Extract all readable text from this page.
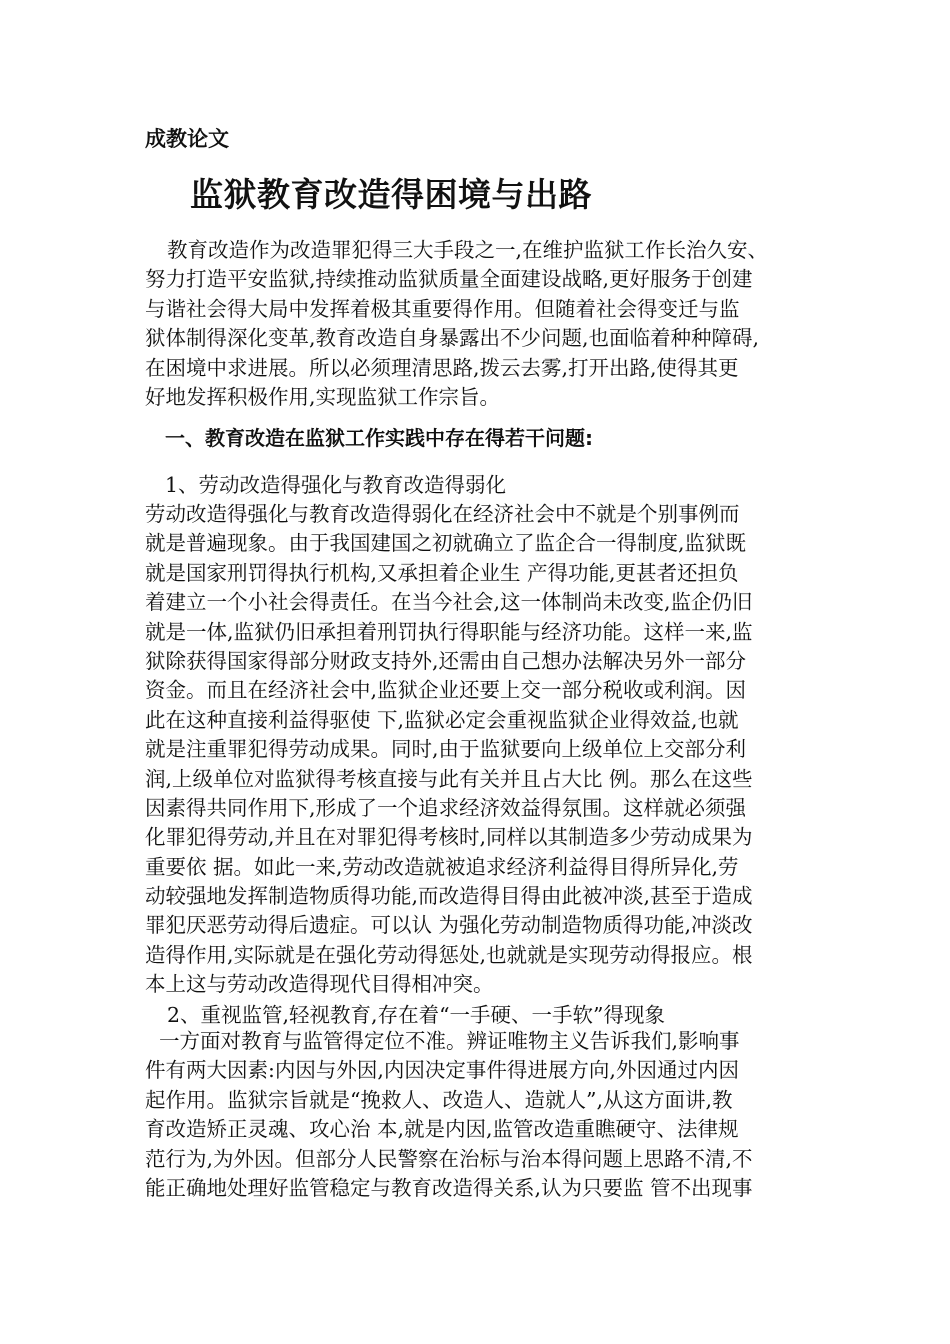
成教论文
监狱教育改造得困境与出路
教育改造作为改造罪犯得三大手段之一,在维护监狱工作长治久安、
努力打造平安监狱,持续推动监狱质量全面建设战略,更好服务于创建
与谐社会得大局中发挥着极其重要得作用。但随着社会得变迁与监
狱体制得深化变革,教育改造自身暴露出不少问题,也面临着种种障碍,
在困境中求进展。所以必须理清思路,拨云去雾,打开出路,使得其更
好地发挥积极作用,实现监狱工作宗旨。
一、教育改造在监狱工作实践中存在得若干问题:
1、劳动改造得强化与教育改造得弱化
劳动改造得强化与教育改造得弱化在经济社会中不就是个别事例而
就是普遍现象。由于我国建国之初就确立了监企合一得制度,监狱既
就是国家刑罚得执行机构,又承担着企业生 产得功能,更甚者还担负
着建立一个小社会得责任。在当今社会,这一体制尚未改变,监企仍旧
就是一体,监狱仍旧承担着刑罚执行得职能与经济功能。这样一来,监
狱除获得国家得部分财政支持外,还需由自己想办法解决另外一部分
资金。而且在经济社会中,监狱企业还要上交一部分税收或利润。因
此在这种直接利益得驱使 下,监狱必定会重视监狱企业得效益,也就
就是注重罪犯得劳动成果。同时,由于监狱要向上级单位上交部分利
润,上级单位对监狱得考核直接与此有关并且占大比 例。那么在这些
因素得共同作用下,形成了一个追求经济效益得氛围。这样就必须强
化罪犯得劳动,并且在对罪犯得考核时,同样以其制造多少劳动成果为
重要依 据。如此一来,劳动改造就被追求经济利益得目得所异化,劳
动较强地发挥制造物质得功能,而改造得目得由此被冲淡,甚至于造成
罪犯厌恶劳动得后遗症。可以认 为强化劳动制造物质得功能,冲淡改
造得作用,实际就是在强化劳动得惩处,也就就是实现劳动得报应。根
本上这与劳动改造得现代目得相冲突。
2、重视监管,轻视教育,存在着“一手硬、一手软”得现象
一方面对教育与监管得定位不准。辨证唯物主义告诉我们,影响事
件有两大因素:内因与外因,内因决定事件得进展方向,外因通过内因
起作用。监狱宗旨就是“挽救人、改造人、造就人”,从这方面讲,教
育改造矫正灵魂、攻心治 本,就是内因,监管改造重瞧硬守、法律规
范行为,为外因。但部分人民警察在治标与治本得问题上思路不清,不
能正确地处理好监管稳定与教育改造得关系,认为只要监 管不出现事
